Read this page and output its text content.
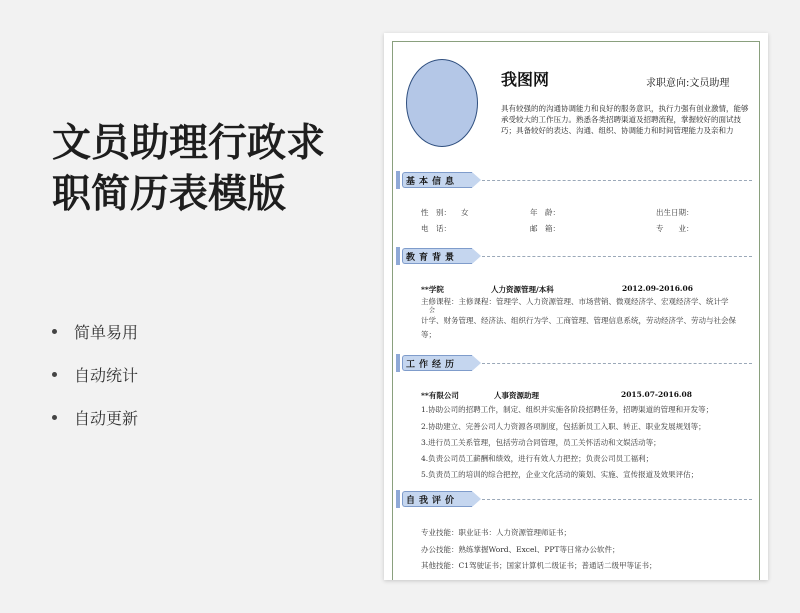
文员助理行政求
职简历表模版
简单易用
自动统计
自动更新
我图网	求职意向:文员助理
具有较强的的沟通协调能力和良好的服务意识，执行力强有创业激情，能够承受较大的工作压力。熟悉各类招聘渠道及招聘流程，掌握较好的面试技巧；具备较好的表达、沟通、组织、协调能力和时间管理能力及亲和力
基本信息
性　别： 女	年　龄：	出生日期：
电　话：	邮　箱：	专　　业：
教育背景
**学院	人力资源管理/本科	2012.09-2016.06
主修课程：主修课程：管理学、人力资源管理、市场营销、微观经济学、宏观经济学、统计学
会
计学、财务管理、经济法、组织行为学、工商管理、管理信息系统，劳动经济学、劳动与社会保
等；
工作经历
**有限公司	人事资源助理	2015.07-2016.08
1.协助公司的招聘工作，制定、组织并实施各阶段招聘任务，招聘渠道的管理和开发等；
2.协助建立、完善公司人力资源各项制度，包括新员工入职、转正、职业发展规划等；
3.进行员工关系管理，包括劳动合同管理，员工关怀活动和文娱活动等；
4.负责公司员工薪酬和绩效，进行有效人力把控；负责公司员工福利；
5.负责员工的培训的综合把控，企业文化活动的策划、实施、宣传报道及效果评估；
自我评价
专业技能：职业证书：人力资源管理师证书；
办公技能：熟练掌握Word、Excel、PPT等日常办公软件；
其他技能：C1驾驶证书；国家计算机二级证书；普通话二级甲等证书；
